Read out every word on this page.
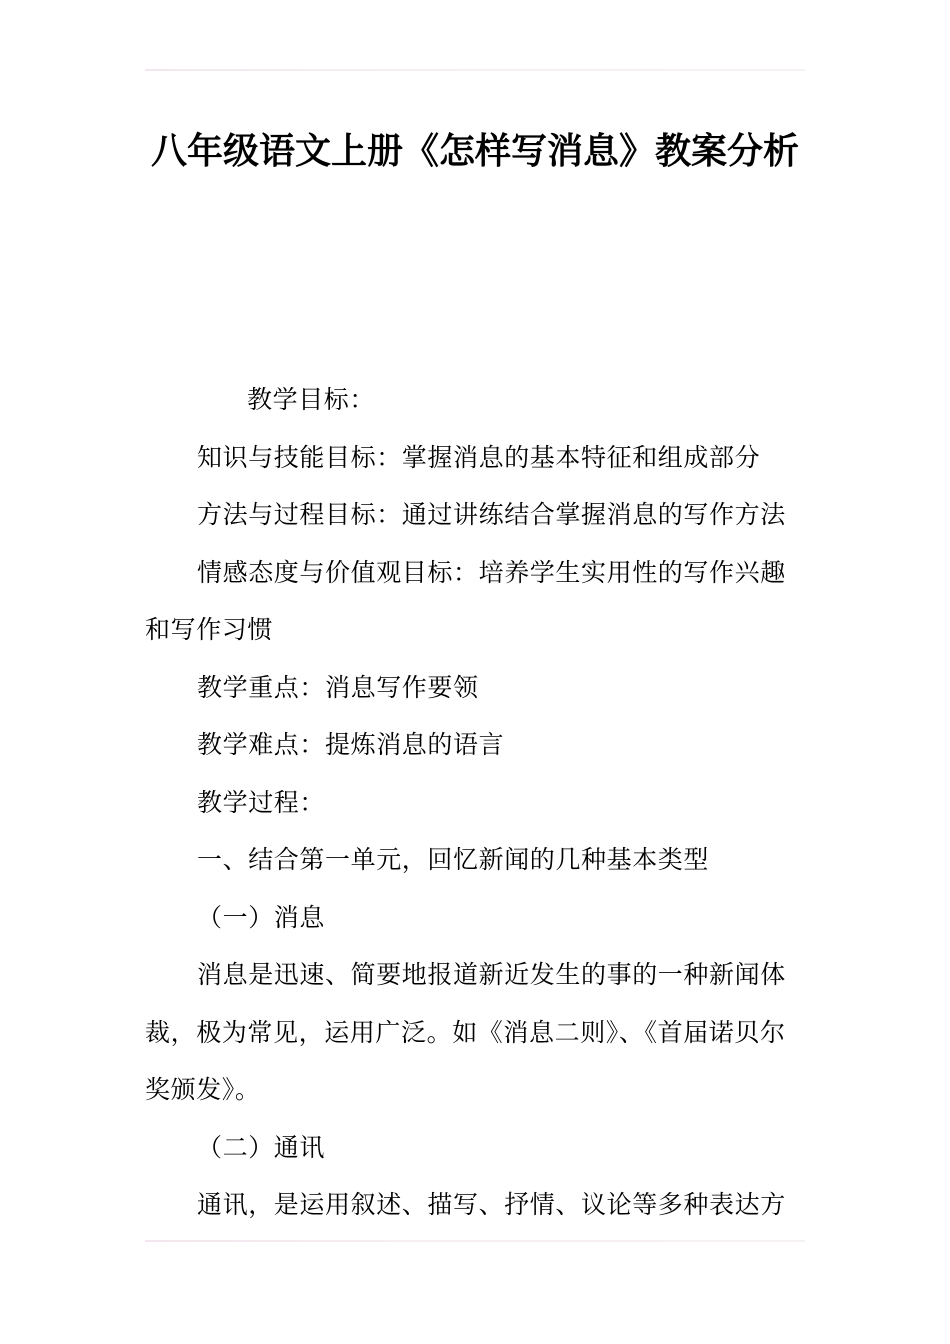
八年级语文上册《怎样写消息》教案分析

教学目标：

知识与技能目标：掌握消息的基本特征和组成部分

方法与过程目标：通过讲练结合掌握消息的写作方法

情感态度与价值观目标：培养学生实用性的写作兴趣和写作习惯

教学重点：消息写作要领

教学难点：提炼消息的语言

教学过程：

一、结合第一单元，回忆新闻的几种基本类型

（一）消息

消息是迅速、简要地报道新近发生的事的一种新闻体裁，极为常见，运用广泛。如《消息二则》、《首届诺贝尔奖颁发》。

（二）通讯

通讯，是运用叙述、描写、抒情、议论等多种表达方
